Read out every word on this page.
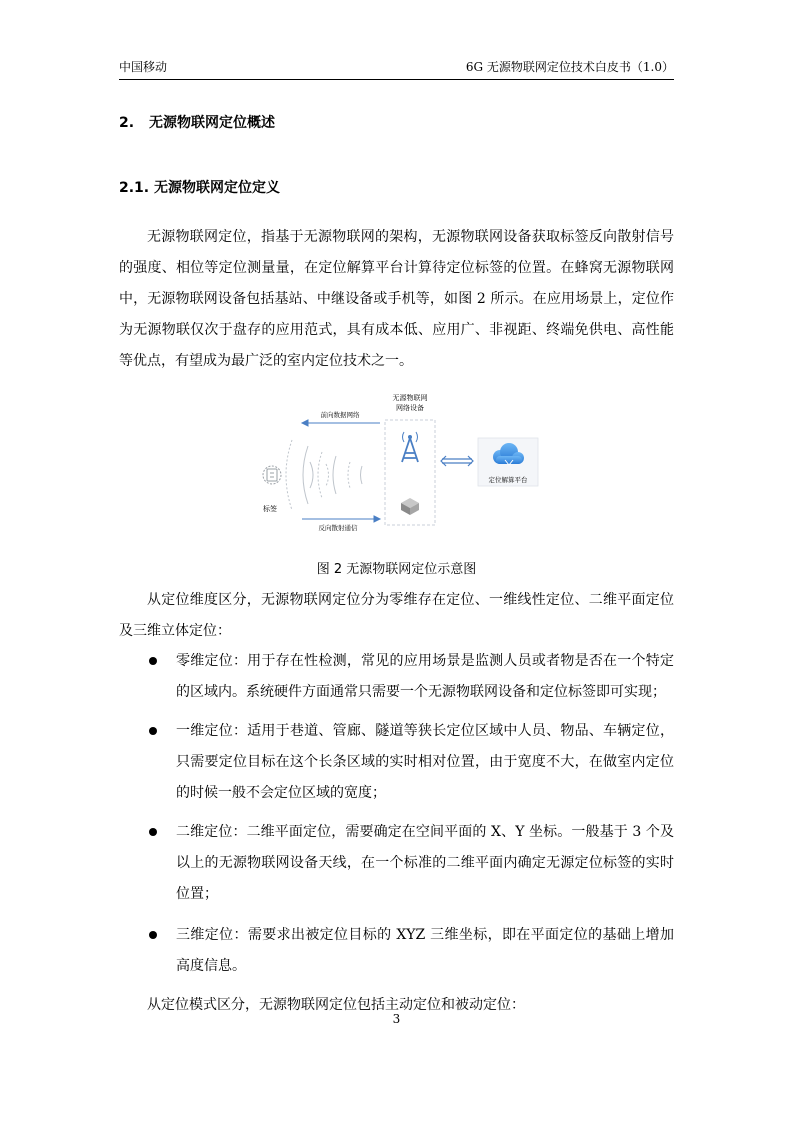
中国移动	6G 无源物联网定位技术白皮书（1.0）
2. 无源物联网定位概述
2.1. 无源物联网定位定义
无源物联网定位，指基于无源物联网的架构，无源物联网设备获取标签反向散射信号的强度、相位等定位测量量，在定位解算平台计算待定位标签的位置。在蜂窝无源物联网中，无源物联网设备包括基站、中继设备或手机等，如图 2 所示。在应用场景上，定位作为无源物联仅次于盘存的应用范式，具有成本低、应用广、非视距、终端免供电、高性能等优点，有望成为最广泛的室内定位技术之一。
无源物联网
网络设备
定位解算平台
前向数据网络
反向散射通信
标签
图 2 无源物联网定位示意图
从定位维度区分，无源物联网定位分为零维存在定位、一维线性定位、二维平面定位及三维立体定位：
零维定位：用于存在性检测，常见的应用场景是监测人员或者物是否在一个特定的区域内。系统硬件方面通常只需要一个无源物联网设备和定位标签即可实现；
一维定位：适用于巷道、管廊、隧道等狭长定位区域中人员、物品、车辆定位，只需要定位目标在这个长条区域的实时相对位置，由于宽度不大，在做室内定位的时候一般不会定位区域的宽度；
二维定位：二维平面定位，需要确定在空间平面的 X、Y 坐标。一般基于 3 个及以上的无源物联网设备天线，在一个标准的二维平面内确定无源定位标签的实时位置；
三维定位：需要求出被定位目标的 XYZ 三维坐标，即在平面定位的基础上增加高度信息。
从定位模式区分，无源物联网定位包括主动定位和被动定位：
3
